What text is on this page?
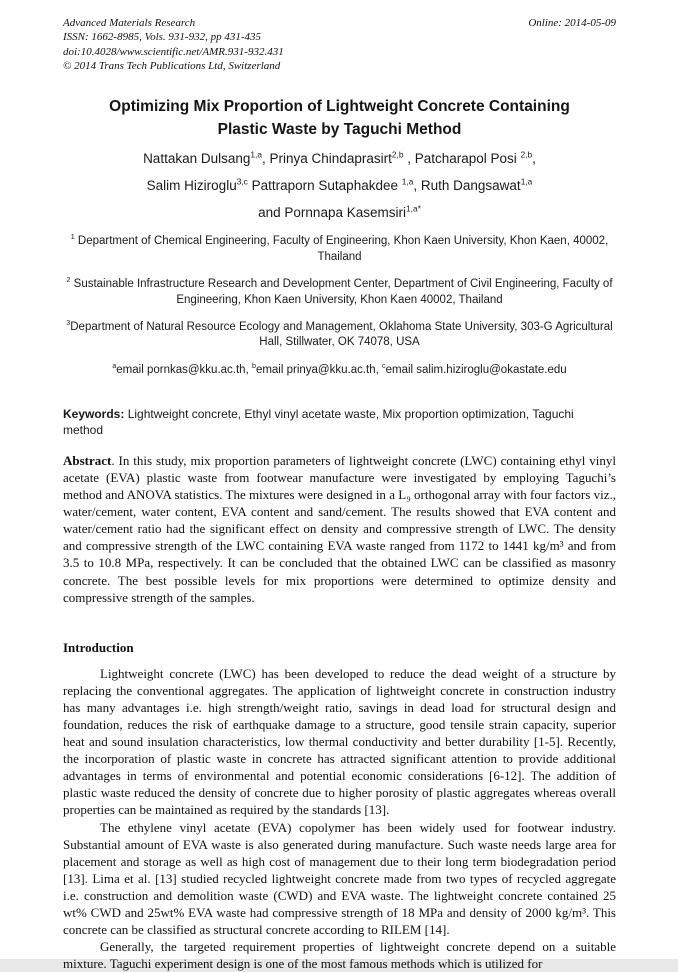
Advanced Materials Research
ISSN: 1662-8985, Vols. 931-932, pp 431-435
doi:10.4028/www.scientific.net/AMR.931-932.431
© 2014 Trans Tech Publications Ltd, Switzerland
Online: 2014-05-09
Optimizing Mix Proportion of Lightweight Concrete Containing
Plastic Waste by Taguchi Method
Nattakan Dulsang$^{1,a}$, Prinya Chindaprasirt$^{2,b}$ , Patcharapol Posi $^{2,b}$,
Salim Hiziroglu$^{3,c}$ Pattraporn Sutaphakdee $^{1,a}$, Ruth Dangsawat$^{1,a}$
and Pornnapa Kasemsiri$^{1,a*}$

$^1$ Department of Chemical Engineering, Faculty of Engineering, Khon Kaen University, Khon Kaen, 40002, Thailand

$^2$ Sustainable Infrastructure Research and Development Center, Department of Civil Engineering, Faculty of Engineering, Khon Kaen University, Khon Kaen 40002, Thailand

$^3$Department of Natural Resource Ecology and Management, Oklahoma State University, 303-G Agricultural Hall, Stillwater, OK 74078, USA

$^a$email pornkas@kku.ac.th, $^b$email prinya@kku.ac.th, $^c$email salim.hiziroglu@okastate.edu
Keywords: Lightweight concrete, Ethyl vinyl acetate waste, Mix proportion optimization, Taguchi method

Abstract. In this study, mix proportion parameters of lightweight concrete (LWC) containing ethyl vinyl acetate (EVA) plastic waste from footwear manufacture were investigated by employing Taguchi’s method and ANOVA statistics. The mixtures were designed in a L₉ orthogonal array with four factors viz., water/cement, water content, EVA content and sand/cement. The results showed that EVA content and water/cement ratio had the significant effect on density and compressive strength of LWC. The density and compressive strength of the LWC containing EVA waste ranged from 1172 to 1441 kg/m³ and from 3.5 to 10.8 MPa, respectively. It can be concluded that the obtained LWC can be classified as masonry concrete. The best possible levels for mix proportions were determined to optimize density and compressive strength of the samples.

Introduction

Lightweight concrete (LWC) has been developed to reduce the dead weight of a structure by replacing the conventional aggregates. The application of lightweight concrete in construction industry has many advantages i.e. high strength/weight ratio, savings in dead load for structural design and foundation, reduces the risk of earthquake damage to a structure, good tensile strain capacity, superior heat and sound insulation characteristics, low thermal conductivity and better durability [1-5]. Recently, the incorporation of plastic waste in concrete has attracted significant attention to provide additional advantages in terms of environmental and potential economic considerations [6-12]. The addition of plastic waste reduced the density of concrete due to higher porosity of plastic aggregates whereas overall properties can be maintained as required by the standards [13].

The ethylene vinyl acetate (EVA) copolymer has been widely used for footwear industry. Substantial amount of EVA waste is also generated during manufacture. Such waste needs large area for placement and storage as well as high cost of management due to their long term biodegradation period [13]. Lima et al. [13] studied recycled lightweight concrete made from two types of recycled aggregate i.e. construction and demolition waste (CWD) and EVA waste. The lightweight concrete contained 25 wt% CWD and 25wt% EVA waste had compressive strength of 18 MPa and density of 2000 kg/m³. This concrete can be classified as structural concrete according to RILEM [14].

Generally, the targeted requirement properties of lightweight concrete depend on a suitable mixture. Taguchi experiment design is one of the most famous methods which is utilized for
